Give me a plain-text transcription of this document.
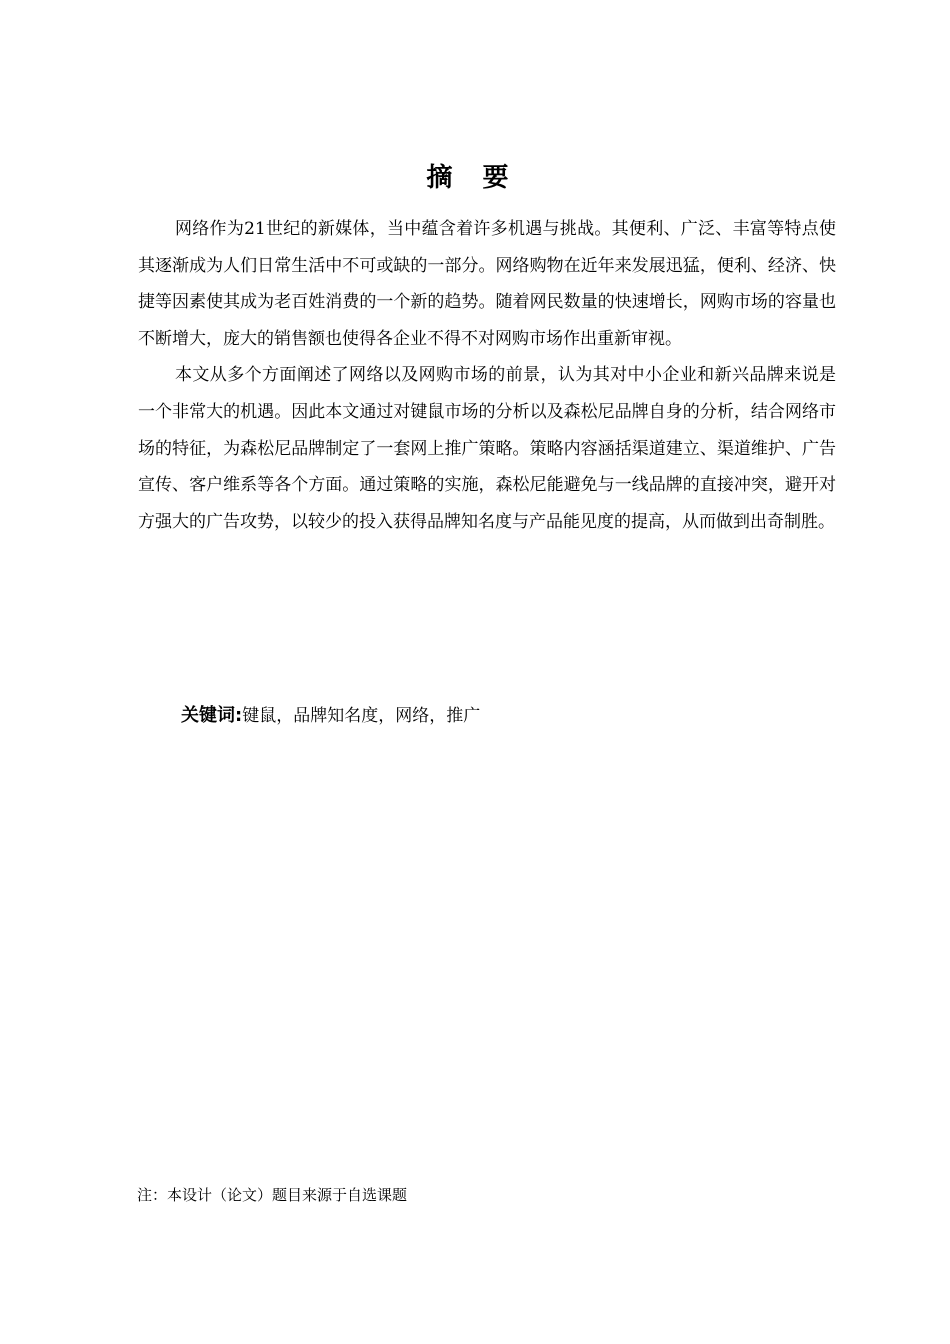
摘要

网络作为21世纪的新媒体，当中蕴含着许多机遇与挑战。其便利、广泛、丰富等特点使其逐渐成为人们日常生活中不可或缺的一部分。网络购物在近年来发展迅猛，便利、经济、快捷等因素使其成为老百姓消费的一个新的趋势。随着网民数量的快速增长，网购市场的容量也不断增大，庞大的销售额也使得各企业不得不对网购市场作出重新审视。

本文从多个方面阐述了网络以及网购市场的前景，认为其对中小企业和新兴品牌来说是一个非常大的机遇。因此本文通过对键鼠市场的分析以及森松尼品牌自身的分析，结合网络市场的特征，为森松尼品牌制定了一套网上推广策略。策略内容涵括渠道建立、渠道维护、广告宣传、客户维系等各个方面。通过策略的实施，森松尼能避免与一线品牌的直接冲突，避开对方强大的广告攻势，以较少的投入获得品牌知名度与产品能见度的提高，从而做到出奇制胜。

关键词:键鼠，品牌知名度，网络，推广
注：本设计（论文）题目来源于自选课题
